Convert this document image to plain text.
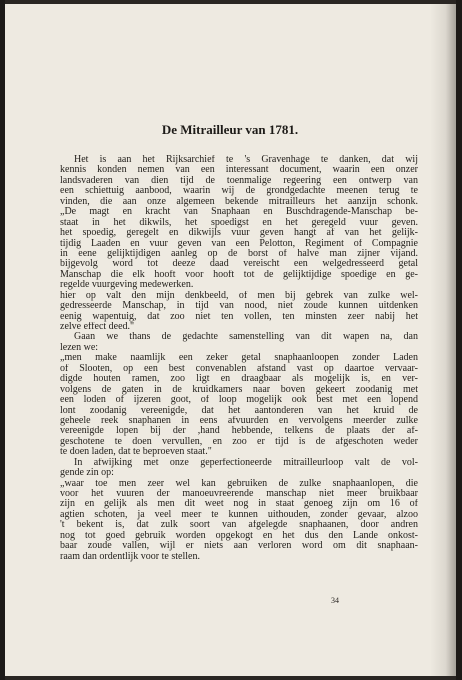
De Mitrailleur van 1781.
Het is aan het Rijksarchief te 's Gravenhage te danken, dat wij
kennis konden nemen van een interessant document, waarin een onzer
landsvaderen van dien tijd de toenmalige regeering een ontwerp van
een schiettuig aanbood, waarin wij de grondgedachte meenen terug te
vinden, die aan onze algemeen bekende mitrailleurs het aanzijn schonk.
„De magt en kracht van Snaphaan en Buschdragende-Manschap be-
staat in het dikwils, het spoedigst en het geregeld vuur geven.
het spoedig, geregelt en dikwijls vuur geven hangt af van het gelijk-
tijdig Laaden en vuur geven van een Pelotton, Regiment of Compagnie
in eene gelijktijdigen aanleg op de borst of halve man zijner vijand.
bijgevolg word tot deeze daad vereischt een welgedresseerd getal
Manschap die elk hooft voor hooft tot de gelijktijdige spoedige en ge-
regelde vuurgeving medewerken.
hier op valt den mijn denkbeeld, of men bij gebrek van zulke wel-
gedresseerde Manschap, in tijd van nood, niet zoude kunnen uitdenken
eenig wapentuig, dat zoo niet ten vollen, ten minsten zeer nabij het
zelve effect deed."
Gaan we thans de gedachte samenstelling van dit wapen na, dan
lezen we:
„men make naamlijk een zeker getal snaphaanloopen zonder Laden
of Slooten, op een best convenablen afstand vast op daartoe vervaar-
digde houten ramen, zoo ligt en draagbaar als mogelijk is, en ver-
volgens de gaten in de kruidkamers naar boven gekeert zoodanig met
een loden of ijzeren goot, of loop mogelijk ook best met een lopend
lont zoodanig vereenigde, dat het aantonderen van het kruid de
geheele reek snaphanen in eens afvuurden en vervolgens meerder zulke
vereenigde lopen bij der ,hand hebbende, telkens de plaats der af-
geschotene te doen vervullen, en zoo er tijd is de afgeschoten weder
te doen laden, dat te beproeven staat."
In afwijking met onze geperfectioneerde mitrailleurloop valt de vol-
gende zin op:
„waar toe men zeer wel kan gebruiken de zulke snaphaanlopen, die
voor het vuuren der manoeuvreerende manschap niet meer bruikbaar
zijn en gelijk als men dit weet nog in staat genoeg zijn om 16 of
agtien schoten, ja veel meer te kunnen uithouden, zonder gevaar, alzoo
't bekent is, dat zulk soort van afgelegde snaphaanen, door andren
nog tot goed gebruik worden opgekogt en het dus den Lande onkost-
baar zoude vallen, wijl er niets aan verloren word om dit snaphaan-
raam dan ordentlijk voor te stellen.

34
